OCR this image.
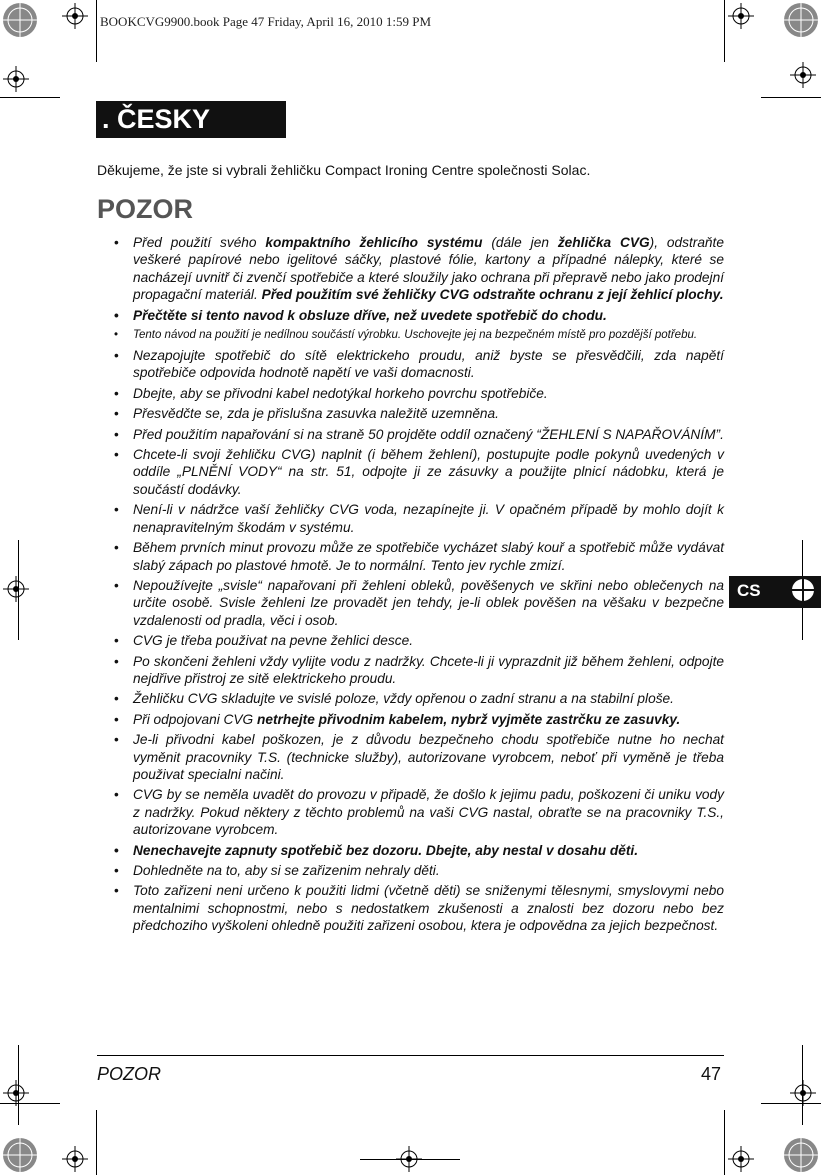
BOOKCVG9900.book Page 47 Friday, April 16, 2010 1:59 PM
. ČESKY
Děkujeme, že jste si vybrali žehličku Compact Ironing Centre společnosti Solac.
POZOR
• Před použití svého kompaktního žehlicího systému (dále jen žehlička CVG), odstraňte veškeré papírové nebo igelitové sáčky, plastové fólie, kartony a případné nálepky, které se nacházejí uvnitř či zvenčí spotřebiče a které sloužily jako ochrana při přepravě nebo jako prodejní propagační materiál. Před použitím své žehličky CVG odstraňte ochranu z její žehlicí plochy.
• Přečtěte si tento navod k obsluze dříve, než uvedete spotřebič do chodu.
• Tento návod na použití je nedílnou součástí výrobku. Uschovejte jej na bezpečném místě pro pozdější potřebu.
• Nezapojujte spotřebič do sítě elektrickeho proudu, aniž byste se přesvědčili, zda napětí spotřebiče odpovida hodnotě napětí ve vaši domacnosti.
• Dbejte, aby se přivodni kabel nedotýkal horkeho povrchu spotřebiče.
• Přesvědčte se, zda je přislušna zasuvka naležitě uzemněna.
• Před použitím napařování si na straně 50 projděte oddíl označený “ŽEHLENÍ S NAPAŘOVÁNÍM”.
• Chcete-li svoji žehličku CVG) naplnit (i během žehlení), postupujte podle pokynů uvedených v oddíle „PLNĚNÍ VODY“ na str. 51, odpojte ji ze zásuvky a použijte plnicí nádobku, která je součástí dodávky.
• Není-li v nádržce vaší žehličky CVG voda, nezapínejte ji. V opačném případě by mohlo dojít k nenapravitelným škodám v systému.
• Během prvních minut provozu může ze spotřebiče vycházet slabý kouř a spotřebič může vydávat slabý zápach po plastové hmotě. Je to normální. Tento jev rychle zmizí.
• Nepoužívejte „svisle“ napařovani při žehleni obleků, pověšenych ve skřini nebo oblečenych na určite osobě. Svisle žehleni lze provadět jen tehdy, je-li oblek pověšen na věšaku v bezpečne vzdalenosti od pradla, věci i osob.
• CVG je třeba použivat na pevne žehlici desce.
• Po skončeni žehleni vždy vylijte vodu z nadržky. Chcete-li ji vyprazdnit již během žehleni, odpojte nejdřive přistroj ze sitě elektrickeho proudu.
• Žehličku CVG skladujte ve svislé poloze, vždy opřenou o zadní stranu a na stabilní ploše.
• Při odpojovani CVG netrhejte přivodnim kabelem, nybrž vyjměte zastrčku ze zasuvky.
• Je-li přivodni kabel poškozen, je z důvodu bezpečneho chodu spotřebiče nutne ho nechat vyměnit pracovniky T.S. (technicke služby), autorizovane vyrobcem, neboť při vyměně je třeba použivat specialni načini.
• CVG by se neměla uvadět do provozu v připadě, že došlo k jejimu padu, poškozeni či uniku vody z nadržky. Pokud některy z těchto problemů na vaši CVG nastal, obraťte se na pracovniky T.S., autorizovane vyrobcem.
• Nenechavejte zapnuty spotřebič bez dozoru. Dbejte, aby nestal v dosahu děti.
• Dohledněte na to, aby si se zařizenim nehraly děti.
• Toto zařizeni neni určeno k použiti lidmi (včetně děti) se sniženymi tělesnymi, smyslovymi nebo mentalnimi schopnostmi, nebo s nedostatkem zkušenosti a znalosti bez dozoru nebo bez předchoziho vyškoleni ohledně použiti zařizeni osobou, ktera je odpovědna za jejich bezpečnost.
CS
POZOR	47
